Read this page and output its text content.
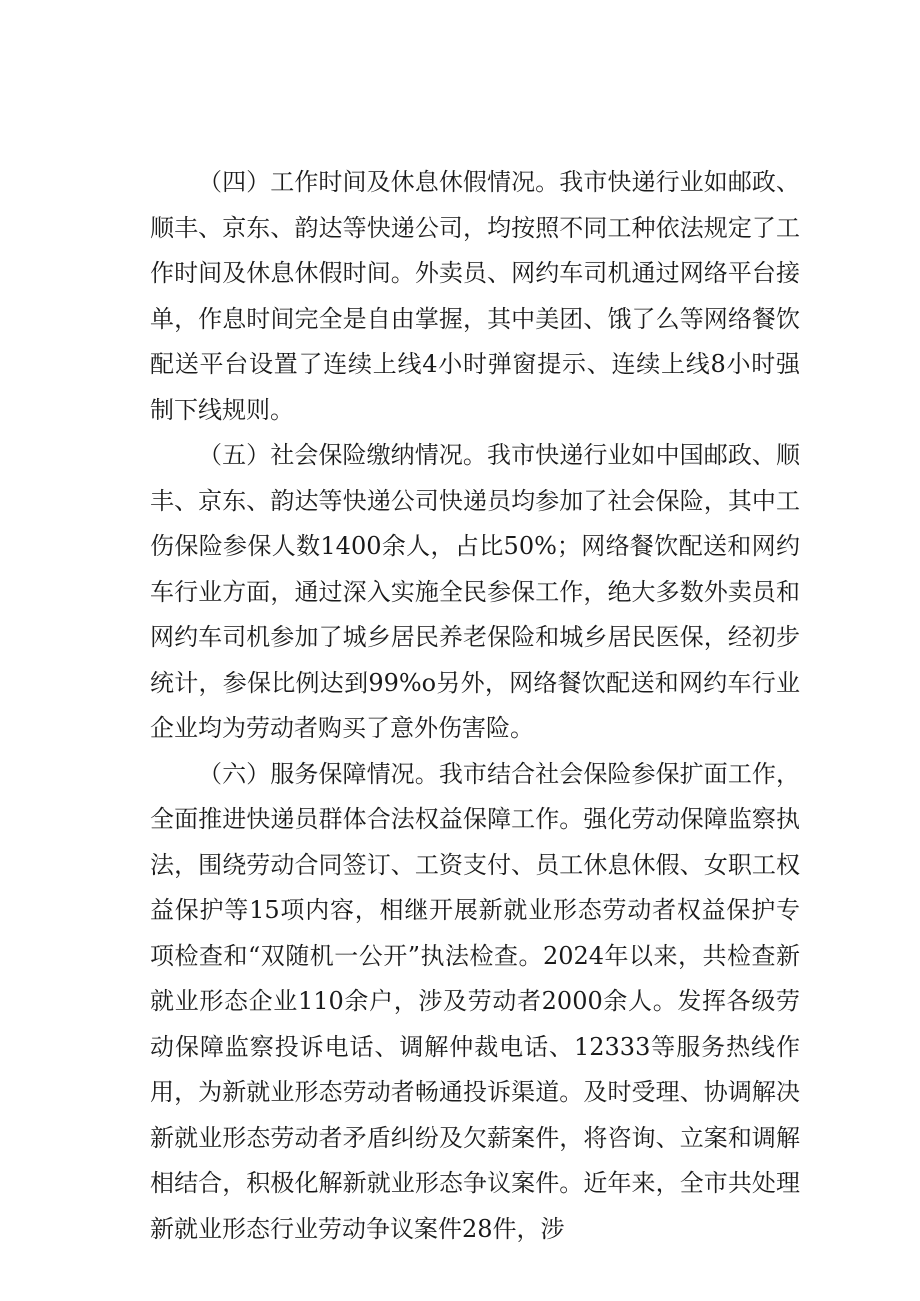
（四）工作时间及休息休假情况。我市快递行业如邮政、顺丰、京东、韵达等快递公司，均按照不同工种依法规定了工作时间及休息休假时间。外卖员、网约车司机通过网络平台接单，作息时间完全是自由掌握，其中美团、饿了么等网络餐饮配送平台设置了连续上线4小时弹窗提示、连续上线8小时强制下线规则。

（五）社会保险缴纳情况。我市快递行业如中国邮政、顺丰、京东、韵达等快递公司快递员均参加了社会保险，其中工伤保险参保人数1400余人，占比50%；网络餐饮配送和网约车行业方面，通过深入实施全民参保工作，绝大多数外卖员和网约车司机参加了城乡居民养老保险和城乡居民医保，经初步统计，参保比例达到99%o另外，网络餐饮配送和网约车行业企业均为劳动者购买了意外伤害险。

（六）服务保障情况。我市结合社会保险参保扩面工作，全面推进快递员群体合法权益保障工作。强化劳动保障监察执法，围绕劳动合同签订、工资支付、员工休息休假、女职工权益保护等15项内容，相继开展新就业形态劳动者权益保护专项检查和“双随机一公开”执法检查。2024年以来，共检查新就业形态企业110余户，涉及劳动者2000余人。发挥各级劳动保障监察投诉电话、调解仲裁电话、12333等服务热线作用，为新就业形态劳动者畅通投诉渠道。及时受理、协调解决新就业形态劳动者矛盾纠纷及欠薪案件，将咨询、立案和调解相结合，积极化解新就业形态争议案件。近年来，全市共处理新就业形态行业劳动争议案件28件，涉
